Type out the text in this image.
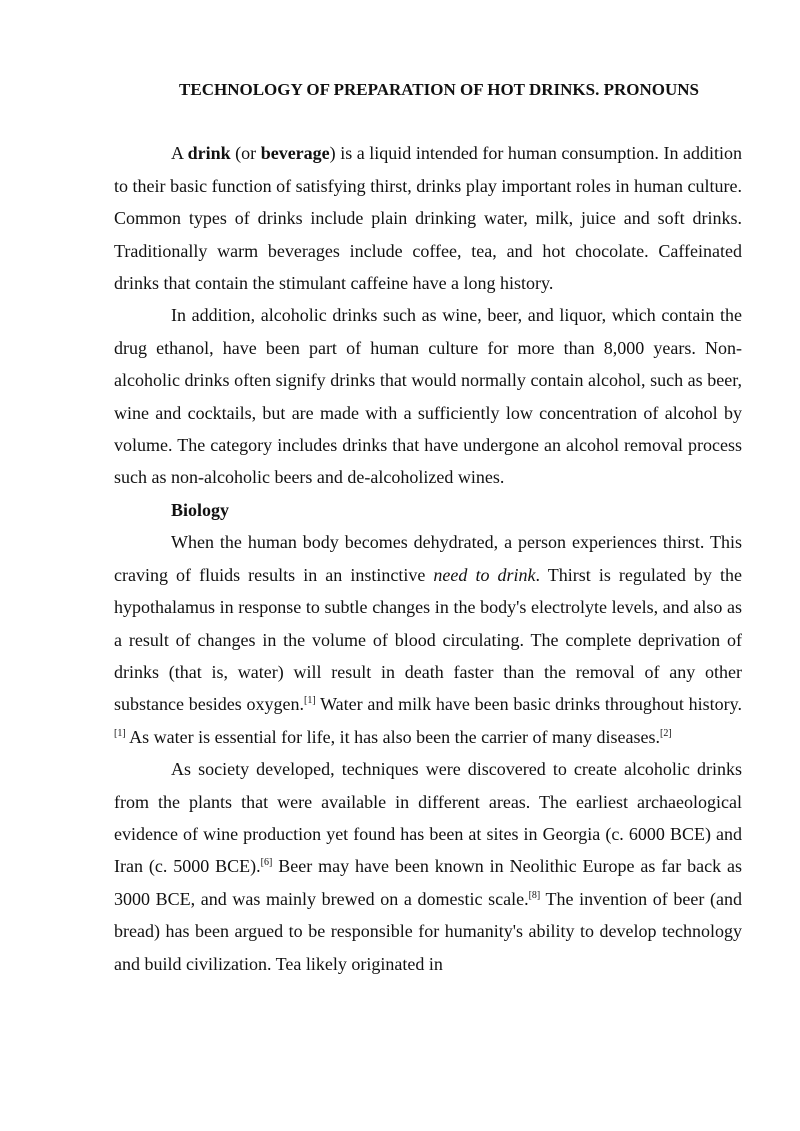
TECHNOLOGY OF PREPARATION OF HOT DRINKS. PRONOUNS

A drink (or beverage) is a liquid intended for human consumption. In addition to their basic function of satisfying thirst, drinks play important roles in human culture. Common types of drinks include plain drinking water, milk, juice and soft drinks. Traditionally warm beverages include coffee, tea, and hot chocolate. Caffeinated drinks that contain the stimulant caffeine have a long history.

In addition, alcoholic drinks such as wine, beer, and liquor, which contain the drug ethanol, have been part of human culture for more than 8,000 years. Non-alcoholic drinks often signify drinks that would normally contain alcohol, such as beer, wine and cocktails, but are made with a sufficiently low concentration of alcohol by volume. The category includes drinks that have undergone an alcohol removal process such as non-alcoholic beers and de-alcoholized wines.

Biology

When the human body becomes dehydrated, a person experiences thirst. This craving of fluids results in an instinctive need to drink. Thirst is regulated by the hypothalamus in response to subtle changes in the body's electrolyte levels, and also as a result of changes in the volume of blood circulating. The complete deprivation of drinks (that is, water) will result in death faster than the removal of any other substance besides oxygen.[1] Water and milk have been basic drinks throughout history.[1] As water is essential for life, it has also been the carrier of many diseases.[2]

As society developed, techniques were discovered to create alcoholic drinks from the plants that were available in different areas. The earliest archaeological evidence of wine production yet found has been at sites in Georgia (c. 6000 BCE) and Iran (c. 5000 BCE).[6] Beer may have been known in Neolithic Europe as far back as 3000 BCE, and was mainly brewed on a domestic scale.[8] The invention of beer (and bread) has been argued to be responsible for humanity's ability to develop technology and build civilization. Tea likely originated in
